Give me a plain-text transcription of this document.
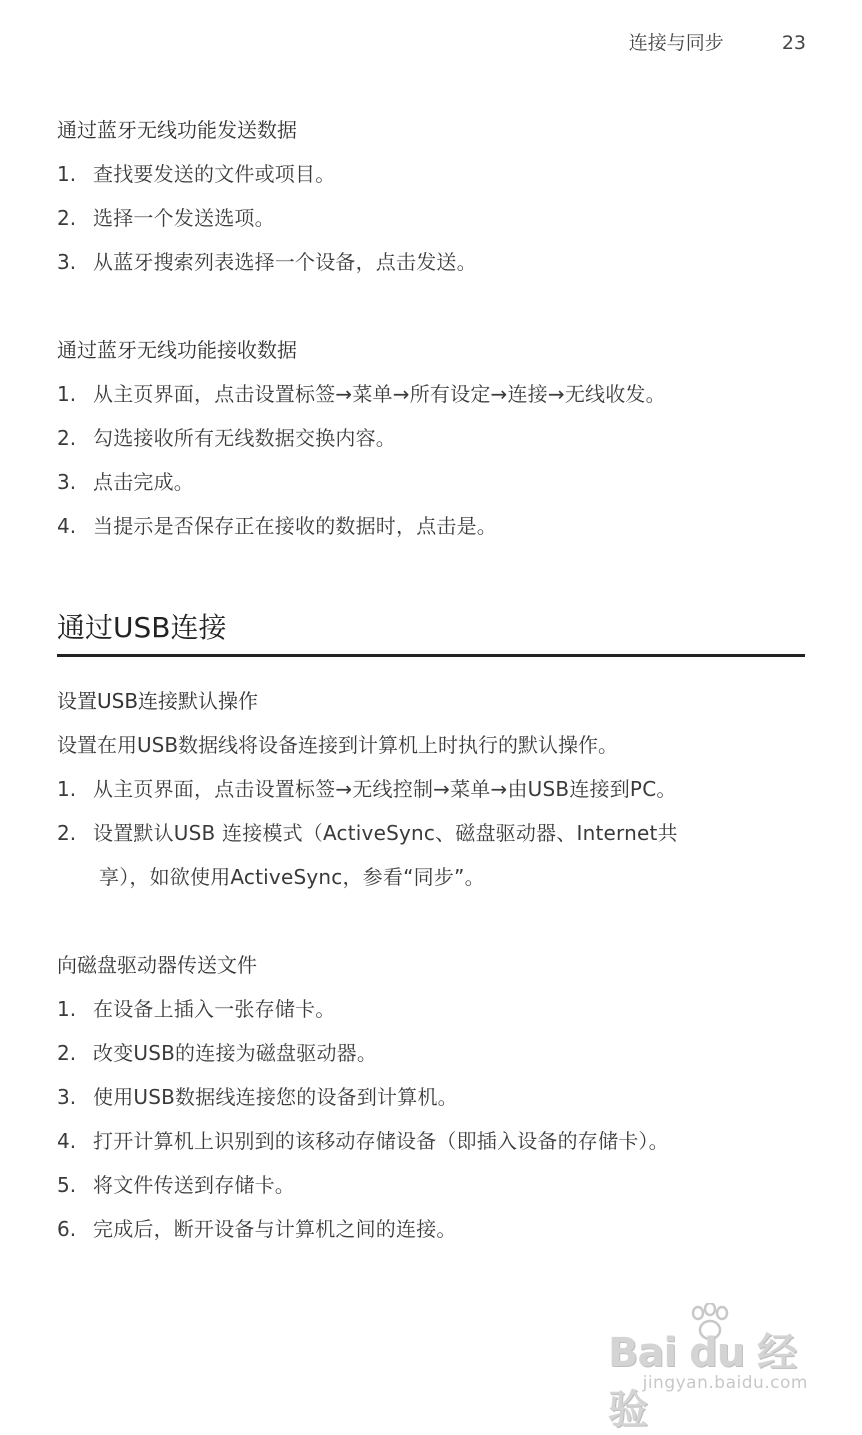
连接与同步	23
通过蓝牙无线功能发送数据
1. 查找要发送的文件或项目。
2. 选择一个发送选项。
3. 从蓝牙搜索列表选择一个设备，点击发送。
通过蓝牙无线功能接收数据
1. 从主页界面，点击设置标签→菜单→所有设定→连接→无线收发。
2. 勾选接收所有无线数据交换内容。
3. 点击完成。
4. 当提示是否保存正在接收的数据时，点击是。
通过USB连接
设置USB连接默认操作
设置在用USB数据线将设备连接到计算机上时执行的默认操作。
1. 从主页界面，点击设置标签→无线控制→菜单→由USB连接到PC。
2. 设置默认USB 连接模式（ActiveSync、磁盘驱动器、Internet共
享），如欲使用ActiveSync，参看“同步”。
向磁盘驱动器传送文件
1. 在设备上插入一张存储卡。
2. 改变USB的连接为磁盘驱动器。
3. 使用USB数据线连接您的设备到计算机。
4. 打开计算机上识别到的该移动存储设备（即插入设备的存储卡）。
5. 将文件传送到存储卡。
6. 完成后，断开设备与计算机之间的连接。
Bai du 经验
jingyan.baidu.com
